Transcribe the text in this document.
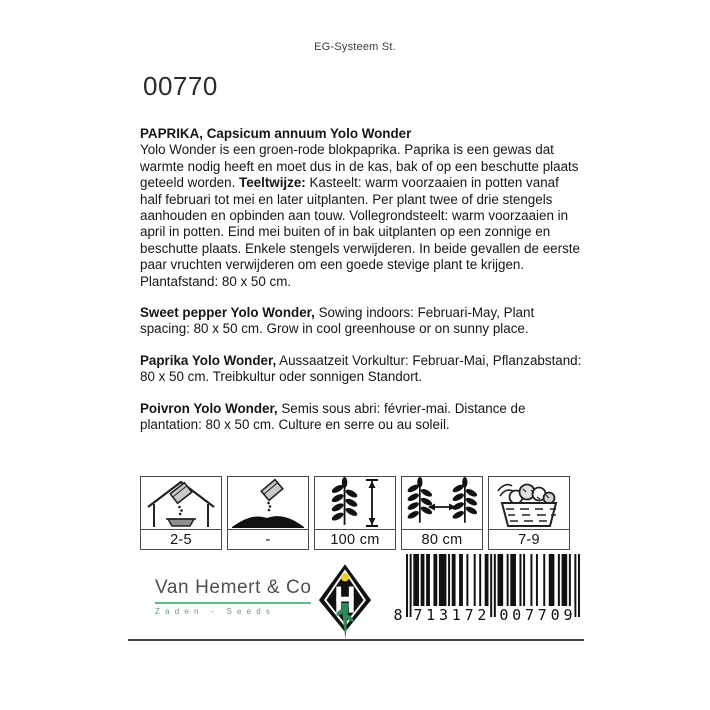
EG-Systeem St.
00770

PAPRIKA, Capsicum annuum Yolo Wonder

Yolo Wonder is een groen-rode blokpaprika. Paprika is een gewas dat warmte nodig heeft en moet dus in de kas, bak of op een beschutte plaats geteeld worden. Teeltwijze: Kasteelt: warm voorzaaien in potten vanaf half februari tot mei en later uitplanten. Per plant twee of drie stengels aanhouden en opbinden aan touw. Vollegrondsteelt: warm voorzaaien in april in potten. Eind mei buiten of in bak uitplanten op een zonnige en beschutte plaats. Enkele stengels verwijderen. In beide gevallen de eerste paar vruchten verwijderen om een goede stevige plant te krijgen. Plantafstand: 80 x 50 cm.

Sweet pepper Yolo Wonder, Sowing indoors: Februari-May, Plant spacing: 80 x 50 cm. Grow in cool greenhouse or on sunny place.

Paprika Yolo Wonder, Aussaatzeit Vorkultur: Februar-Mai, Pflanzabstand: 80 x 50 cm. Treibkultur oder sonnigen Standort.

Poivron Yolo Wonder, Semis sous abri: février-mai. Distance de plantation: 80 x 50 cm. Culture en serre ou au soleil.

2-5	-	100 cm	80 cm	7-9
Van Hemert & Co
Zaden - Seeds	8 7	0
1	0
3	7
1	7
7	0
2	9
